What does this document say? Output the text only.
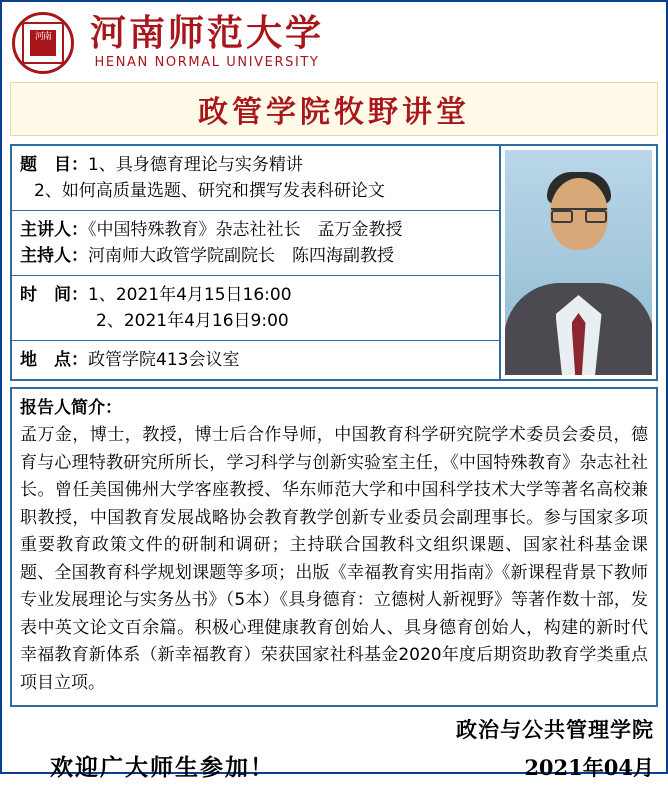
河南 河南师范大学
HENAN NORMAL UNIVERSITY
政管学院牧野讲堂
题　目：1、具身德育理论与实务精讲
2、如何高质量选题、研究和撰写发表科研论文
主讲人：《中国特殊教育》杂志社社长　孟万金教授
主持人：河南师大政管学院副院长　陈四海副教授
时　间：1、2021年4月15日16:00
2、2021年4月16日9:00
地　点：政管学院413会议室
报告人简介：
孟万金，博士，教授，博士后合作导师，中国教育科学研究院学术委员会委员，德育与心理特教研究所所长，学习科学与创新实验室主任，《中国特殊教育》杂志社社长。曾任美国佛州大学客座教授、华东师范大学和中国科学技术大学等著名高校兼职教授，中国教育发展战略协会教育教学创新专业委员会副理事长。参与国家多项重要教育政策文件的研制和调研；主持联合国教科文组织课题、国家社科基金课题、全国教育科学规划课题等多项；出版《幸福教育实用指南》《新课程背景下教师专业发展理论与实务丛书》（5本）《具身德育：立德树人新视野》等著作数十部，发表中英文论文百余篇。积极心理健康教育创始人、具身德育创始人，构建的新时代幸福教育新体系（新幸福教育）荣获国家社科基金2020年度后期资助教育学类重点项目立项。
政治与公共管理学院
欢迎广大师生参加！	2021年04月
